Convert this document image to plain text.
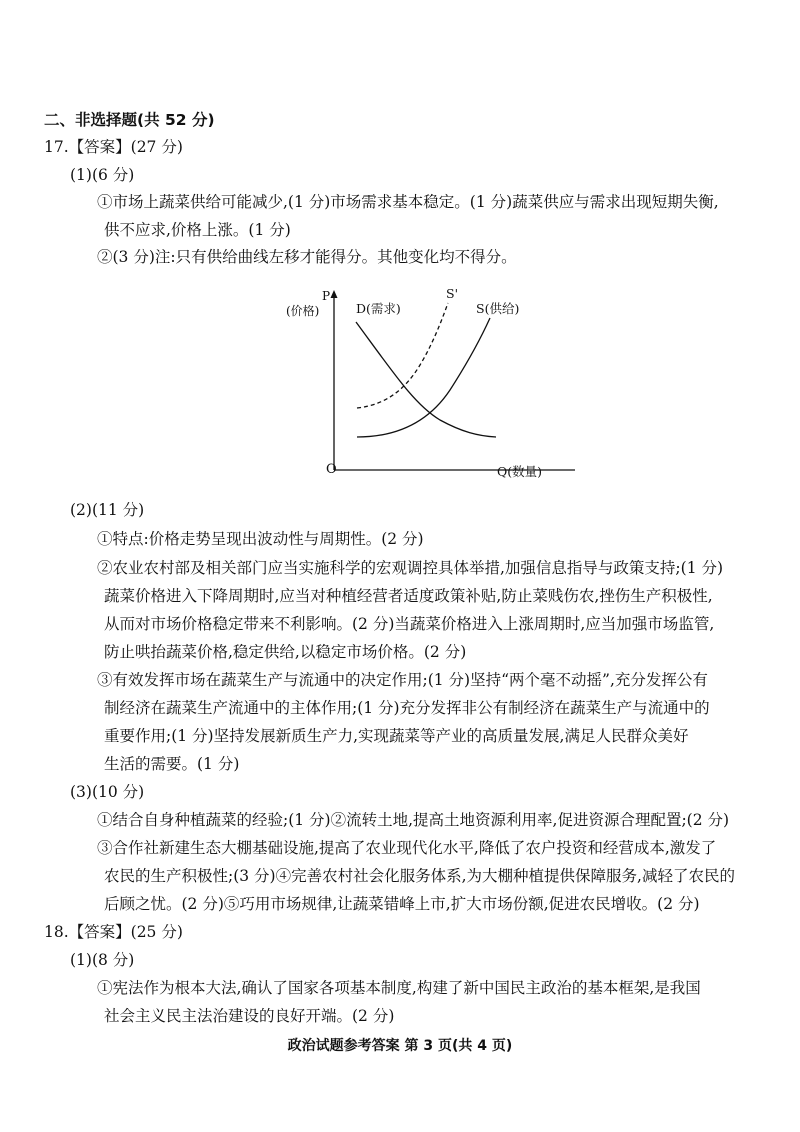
二、非选择题(共 52 分)
17.【答案】(27 分)
(1)(6 分)
①市场上蔬菜供给可能减少,(1 分)市场需求基本稳定。(1 分)蔬菜供应与需求出现短期失衡,
供不应求,价格上涨。(1 分)
②(3 分)注:只有供给曲线左移才能得分。其他变化均不得分。
P
(价格)	D(需求)
S'
S(供给)
O	Q(数量)
(2)(11 分)
①特点:价格走势呈现出波动性与周期性。(2 分)
②农业农村部及相关部门应当实施科学的宏观调控具体举措,加强信息指导与政策支持;(1 分)
蔬菜价格进入下降周期时,应当对种植经营者适度政策补贴,防止菜贱伤农,挫伤生产积极性,
从而对市场价格稳定带来不利影响。(2 分)当蔬菜价格进入上涨周期时,应当加强市场监管,
防止哄抬蔬菜价格,稳定供给,以稳定市场价格。(2 分)
③有效发挥市场在蔬菜生产与流通中的决定作用;(1 分)坚持“两个毫不动摇”,充分发挥公有
制经济在蔬菜生产流通中的主体作用;(1 分)充分发挥非公有制经济在蔬菜生产与流通中的
重要作用;(1 分)坚持发展新质生产力,实现蔬菜等产业的高质量发展,满足人民群众美好
生活的需要。(1 分)
(3)(10 分)
①结合自身种植蔬菜的经验;(1 分)②流转土地,提高土地资源利用率,促进资源合理配置;(2 分)
③合作社新建生态大棚基础设施,提高了农业现代化水平,降低了农户投资和经营成本,激发了
农民的生产积极性;(3 分)④完善农村社会化服务体系,为大棚种植提供保障服务,减轻了农民的
后顾之忧。(2 分)⑤巧用市场规律,让蔬菜错峰上市,扩大市场份额,促进农民增收。(2 分)
18.【答案】(25 分)
(1)(8 分)
①宪法作为根本大法,确认了国家各项基本制度,构建了新中国民主政治的基本框架,是我国
社会主义民主法治建设的良好开端。(2 分)
政治试题参考答案 第 3 页(共 4 页)
